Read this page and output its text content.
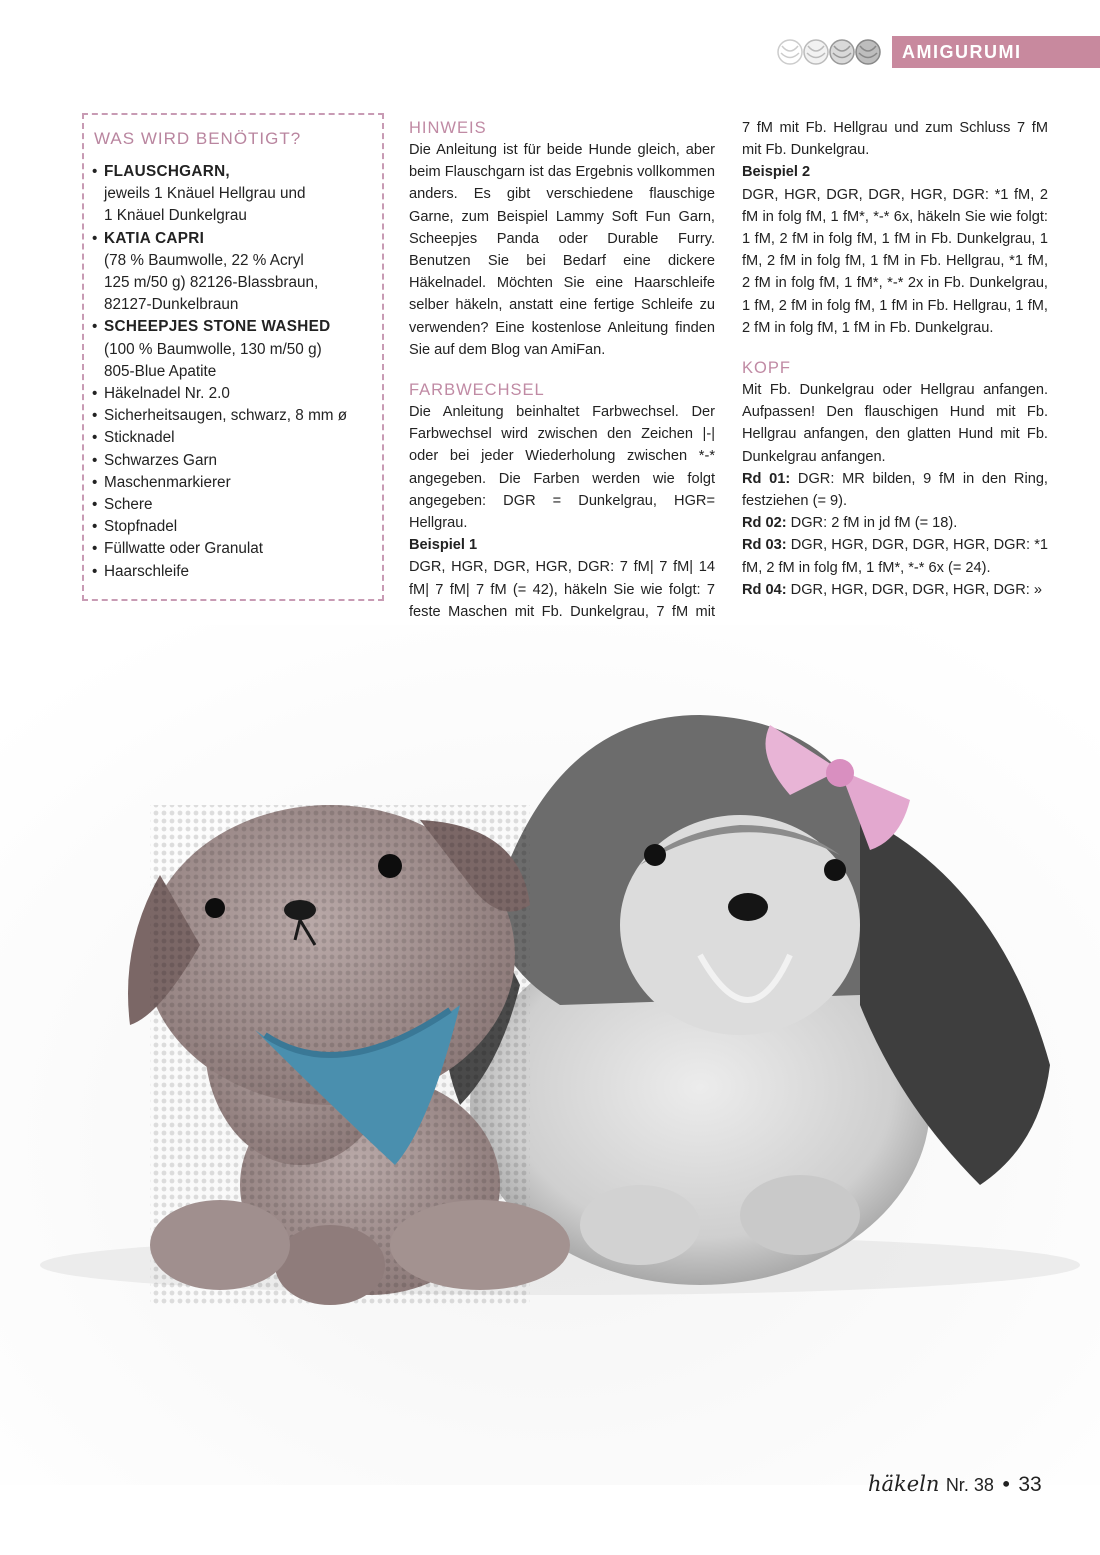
AMIGURUMI
WAS WIRD BENÖTIGT?
• FLAUSCHGARN,
jeweils 1 Knäuel Hellgrau und
1 Knäuel Dunkelgrau
• KATIA CAPRI
(78 % Baumwolle, 22 % Acryl
125 m/50 g) 82126-Blassbraun,
82127-Dunkelbraun
• SCHEEPJES STONE WASHED
(100 % Baumwolle, 130 m/50 g)
805-Blue Apatite
• Häkelnadel Nr. 2.0
• Sicherheitsaugen, schwarz, 8 mm ø
• Sticknadel
• Schwarzes Garn
• Maschenmarkierer
• Schere
• Stopfnadel
• Füllwatte oder Granulat
• Haarschleife
HINWEIS

Die Anleitung ist für beide Hunde gleich, aber beim Flauschgarn ist das Ergebnis vollkommen anders. Es gibt verschiedene flauschige Garne, zum Beispiel Lammy Soft Fun Garn, Scheepjes Panda oder Durable Furry. Benutzen Sie bei Bedarf eine dickere Häkelnadel. Möchten Sie eine Haarschleife selber häkeln, anstatt eine fertige Schleife zu verwenden? Eine kostenlose Anleitung finden Sie auf dem Blog van AmiFan.

FARBWECHSEL

Die Anleitung beinhaltet Farbwechsel. Der Farbwechsel wird zwischen den Zeichen |-| oder bei jeder Wiederholung zwischen *-* angegeben. Die Farben werden wie folgt angegeben: DGR = Dunkelgrau, HGR= Hellgrau.

Beispiel 1

DGR, HGR, DGR, HGR, DGR: 7 fM| 7 fM| 14 fM| 7 fM| 7 fM (= 42), häkeln Sie wie folgt: 7 feste Maschen mit Fb. Dunkelgrau, 7 fM mit

7 fM mit Fb. Hellgrau und zum Schluss 7 fM mit Fb. Dunkelgrau.

Beispiel 2

DGR, HGR, DGR, DGR, HGR, DGR: *1 fM, 2 fM in folg fM, 1 fM*, *-* 6x, häkeln Sie wie folgt: 1 fM, 2 fM in folg fM, 1 fM in Fb. Dunkelgrau, 1 fM, 2 fM in folg fM, 1 fM in Fb. Hellgrau, *1 fM, 2 fM in folg fM, 1 fM*, *-* 2x in Fb. Dunkelgrau, 1 fM, 2 fM in folg fM, 1 fM in Fb. Hellgrau, 1 fM, 2 fM in folg fM, 1 fM in Fb. Dunkelgrau.

KOPF

Mit Fb. Dunkelgrau oder Hellgrau anfangen. Aufpassen! Den flauschigen Hund mit Fb. Hellgrau anfangen, den glatten Hund mit Fb. Dunkelgrau anfangen.

Rd 01: DGR: MR bilden, 9 fM in den Ring, festziehen (= 9).

Rd 02: DGR: 2 fM in jd fM (= 18).

Rd 03: DGR, HGR, DGR, DGR, HGR, DGR: *1 fM, 2 fM in folg fM, 1 fM*, *-* 6x (= 24).

Rd 04: DGR, HGR, DGR, DGR, HGR, DGR: »

häkeln Nr. 38 • 33
